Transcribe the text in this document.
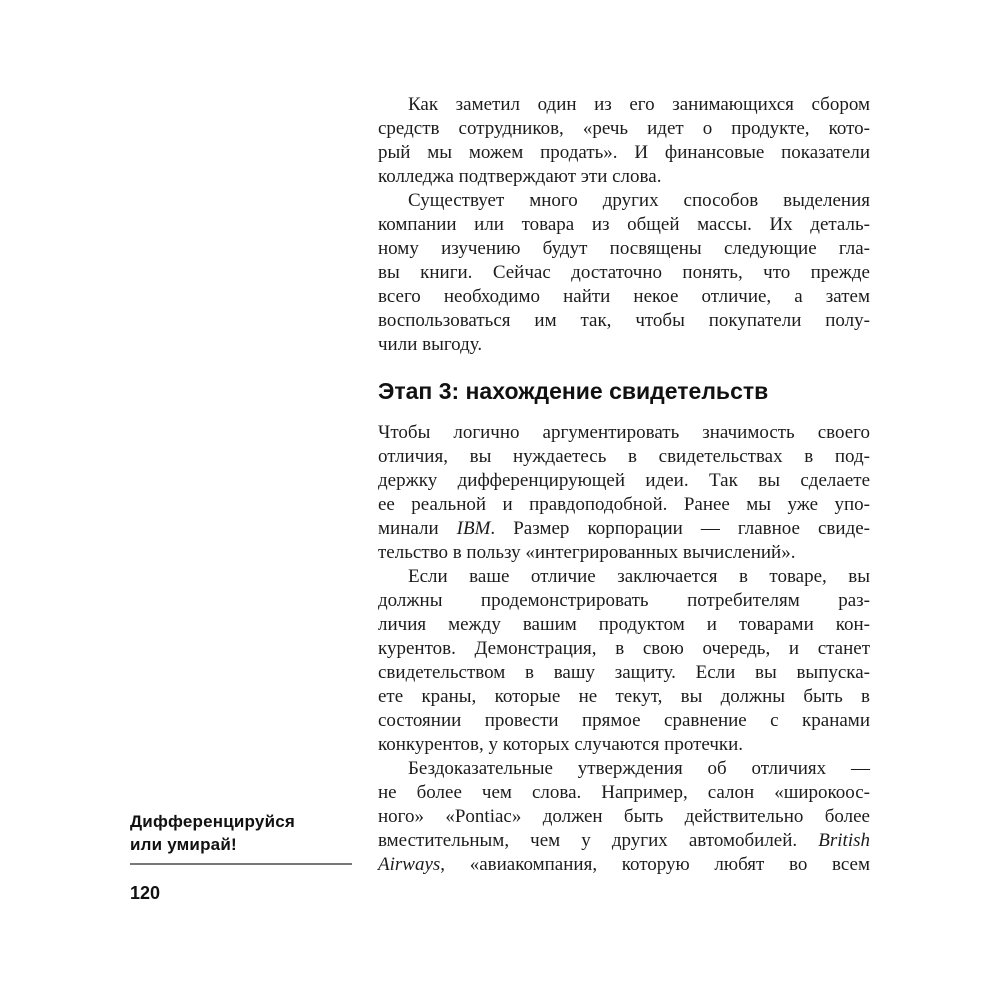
Как заметил один из его занимающихся сбором
средств сотрудников, «речь идет о продукте, кото-
рый мы можем продать». И финансовые показатели
колледжа подтверждают эти слова.
Существует много других способов выделения
компании или товара из общей массы. Их деталь-
ному изучению будут посвящены следующие гла-
вы книги. Сейчас достаточно понять, что прежде
всего необходимо найти некое отличие, а затем
воспользоваться им так, чтобы покупатели полу-
чили выгоду.
Этап 3: нахождение свидетельств
Чтобы логично аргументировать значимость своего
отличия, вы нуждаетесь в свидетельствах в под-
держку дифференцирующей идеи. Так вы сделаете
ее реальной и правдоподобной. Ранее мы уже упо-
минали IBM. Размер корпорации — главное свиде-
тельство в пользу «интегрированных вычислений».
Если ваше отличие заключается в товаре, вы
должны продемонстрировать потребителям раз-
личия между вашим продуктом и товарами кон-
курентов. Демонстрация, в свою очередь, и станет
свидетельством в вашу защиту. Если вы выпуска-
ете краны, которые не текут, вы должны быть в
состоянии провести прямое сравнение с кранами
конкурентов, у которых случаются протечки.
Бездоказательные утверждения об отличиях —
не более чем слова. Например, салон «широкоос-
ного» «Pontiac» должен быть действительно более
вместительным, чем у других автомобилей. British
Airways, «авиакомпания, которую любят во всем
Дифференцируйся
или умирай!
120
